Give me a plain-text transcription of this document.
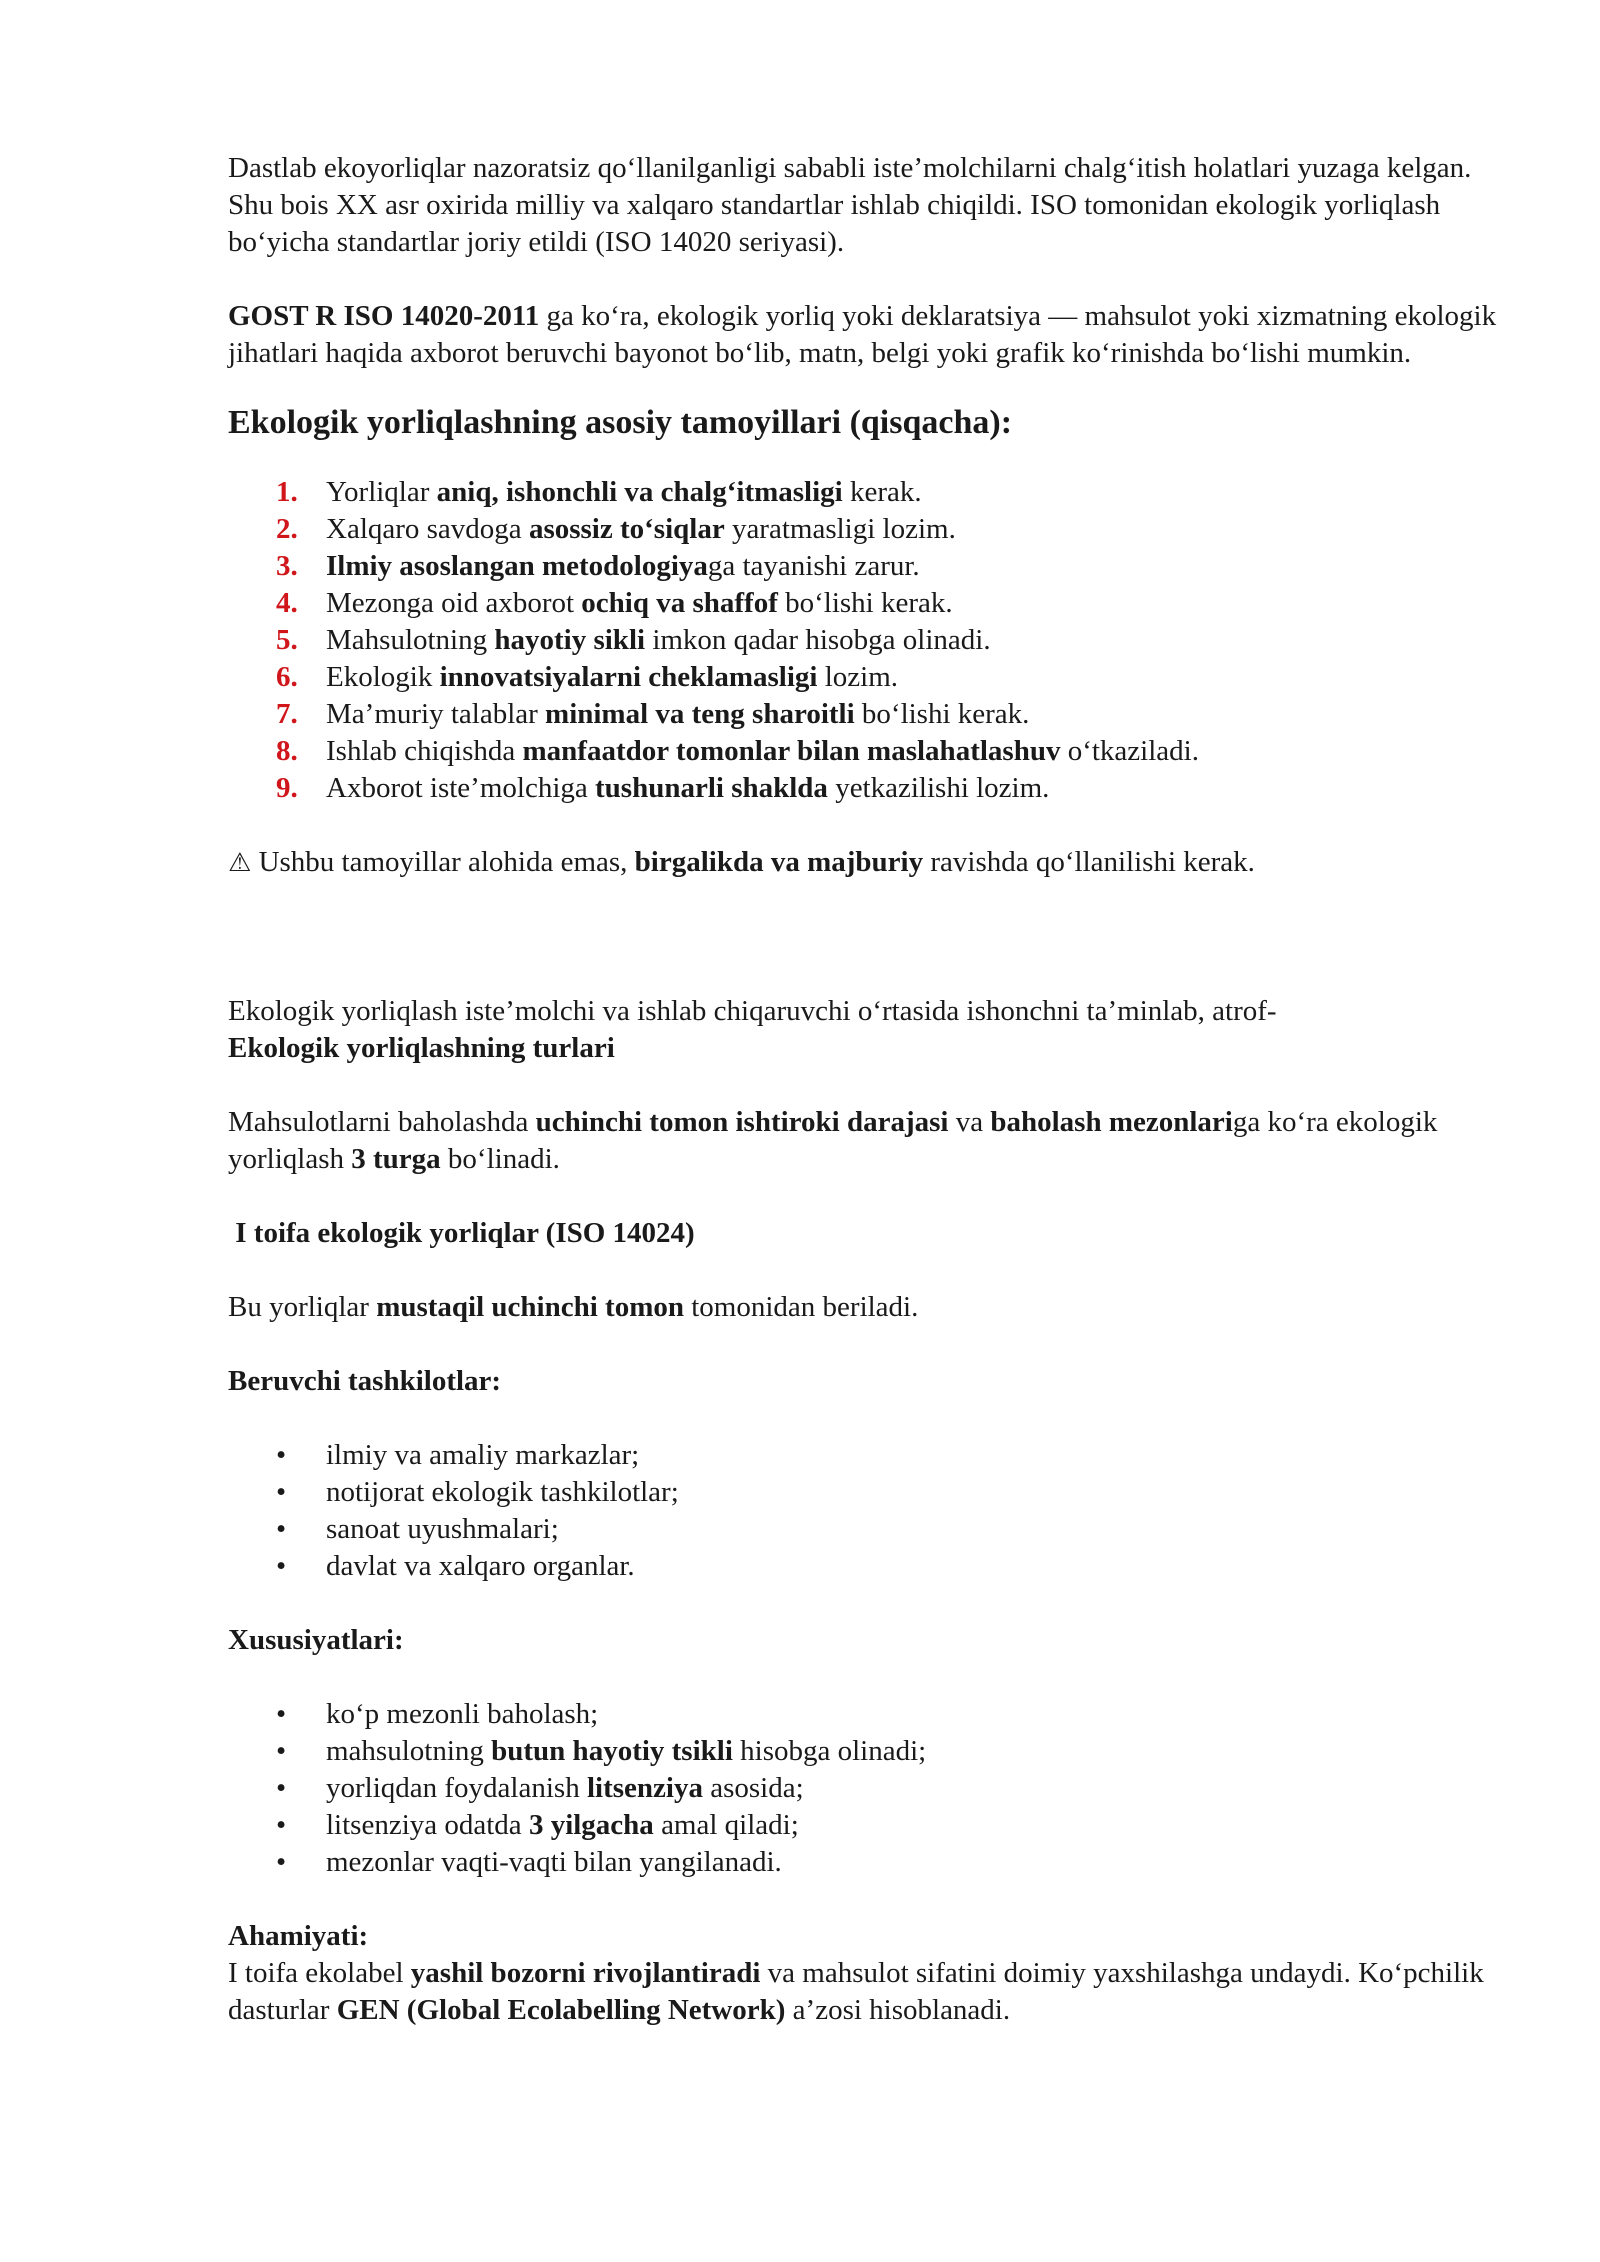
Dastlab ekoyorliqlar nazoratsiz qo‘llanilganligi sababli iste’molchilarni chalg‘itish holatlari yuzaga kelgan. Shu bois XX asr oxirida milliy va xalqaro standartlar ishlab chiqildi. ISO tomonidan ekologik yorliqlash bo‘yicha standartlar joriy etildi (ISO 14020 seriyasi).

GOST R ISO 14020-2011 ga ko‘ra, ekologik yorliq yoki deklaratsiya — mahsulot yoki xizmatning ekologik jihatlari haqida axborot beruvchi bayonot bo‘lib, matn, belgi yoki grafik ko‘rinishda bo‘lishi mumkin.

Ekologik yorliqlashning asosiy tamoyillari (qisqacha):
1. Yorliqlar aniq, ishonchli va chalg‘itmasligi kerak.
2. Xalqaro savdoga asossiz to‘siqlar yaratmasligi lozim.
3. Ilmiy asoslangan metodologiyaga tayanishi zarur.
4. Mezonga oid axborot ochiq va shaffof bo‘lishi kerak.
5. Mahsulotning hayotiy sikli imkon qadar hisobga olinadi.
6. Ekologik innovatsiyalarni cheklamasligi lozim.
7. Ma’muriy talablar minimal va teng sharoitli bo‘lishi kerak.
8. Ishlab chiqishda manfaatdor tomonlar bilan maslahatlashuv o‘tkaziladi.
9. Axborot iste’molchiga tushunarli shaklda yetkazilishi lozim.

⚠ Ushbu tamoyillar alohida emas, birgalikda va majburiy ravishda qo‘llanilishi kerak.

Ekologik yorliqlash iste’molchi va ishlab chiqaruvchi o‘rtasida ishonchni ta’minlab, atrof-

Ekologik yorliqlashning turlari

Mahsulotlarni baholashda uchinchi tomon ishtiroki darajasi va baholash mezonlariga ko‘ra ekologik yorliqlash 3 turga bo‘linadi.

I toifa ekologik yorliqlar (ISO 14024)

Bu yorliqlar mustaqil uchinchi tomon tomonidan beriladi.

Beruvchi tashkilotlar:

• ilmiy va amaliy markazlar;
• notijorat ekologik tashkilotlar;
• sanoat uyushmalari;
• davlat va xalqaro organlar.

Xususiyatlari:

• ko‘p mezonli baholash;
• mahsulotning butun hayotiy tsikli hisobga olinadi;
• yorliqdan foydalanish litsenziya asosida;
• litsenziya odatda 3 yilgacha amal qiladi;
• mezonlar vaqti-vaqti bilan yangilanadi.

Ahamiyati:

I toifa ekolabel yashil bozorni rivojlantiradi va mahsulot sifatini doimiy yaxshilashga undaydi. Ko‘pchilik dasturlar GEN (Global Ecolabelling Network) a’zosi hisoblanadi.
